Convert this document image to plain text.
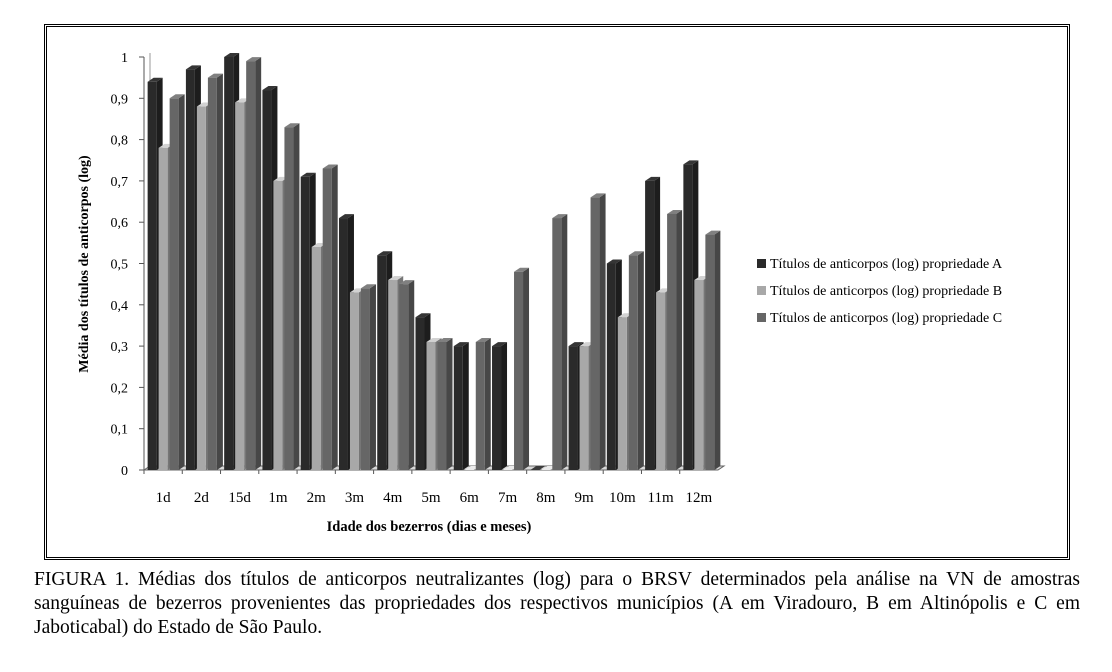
0
0,1
0,2
0,3
0,4
0,5
0,6
0,7
0,8
0,9
1
1d 2d 15d 1m 2m 3m 4m 5m 6m 7m 8m 9m 10m 11m 12m
Títulos de anticorpos (log) propriedade A
Títulos de anticorpos (log) propriedade B
Títulos de anticorpos (log) propriedade C
Média dos títulos de anticorpos (log)
Idade dos bezerros (dias e meses)
FIGURA 1. Médias dos títulos de anticorpos neutralizantes (log) para o BRSV determinados pela análise na VN de amostras sanguíneas de bezerros provenientes das propriedades dos respectivos municípios (A em Viradouro, B em Altinópolis e C em Jaboticabal) do Estado de São Paulo.
